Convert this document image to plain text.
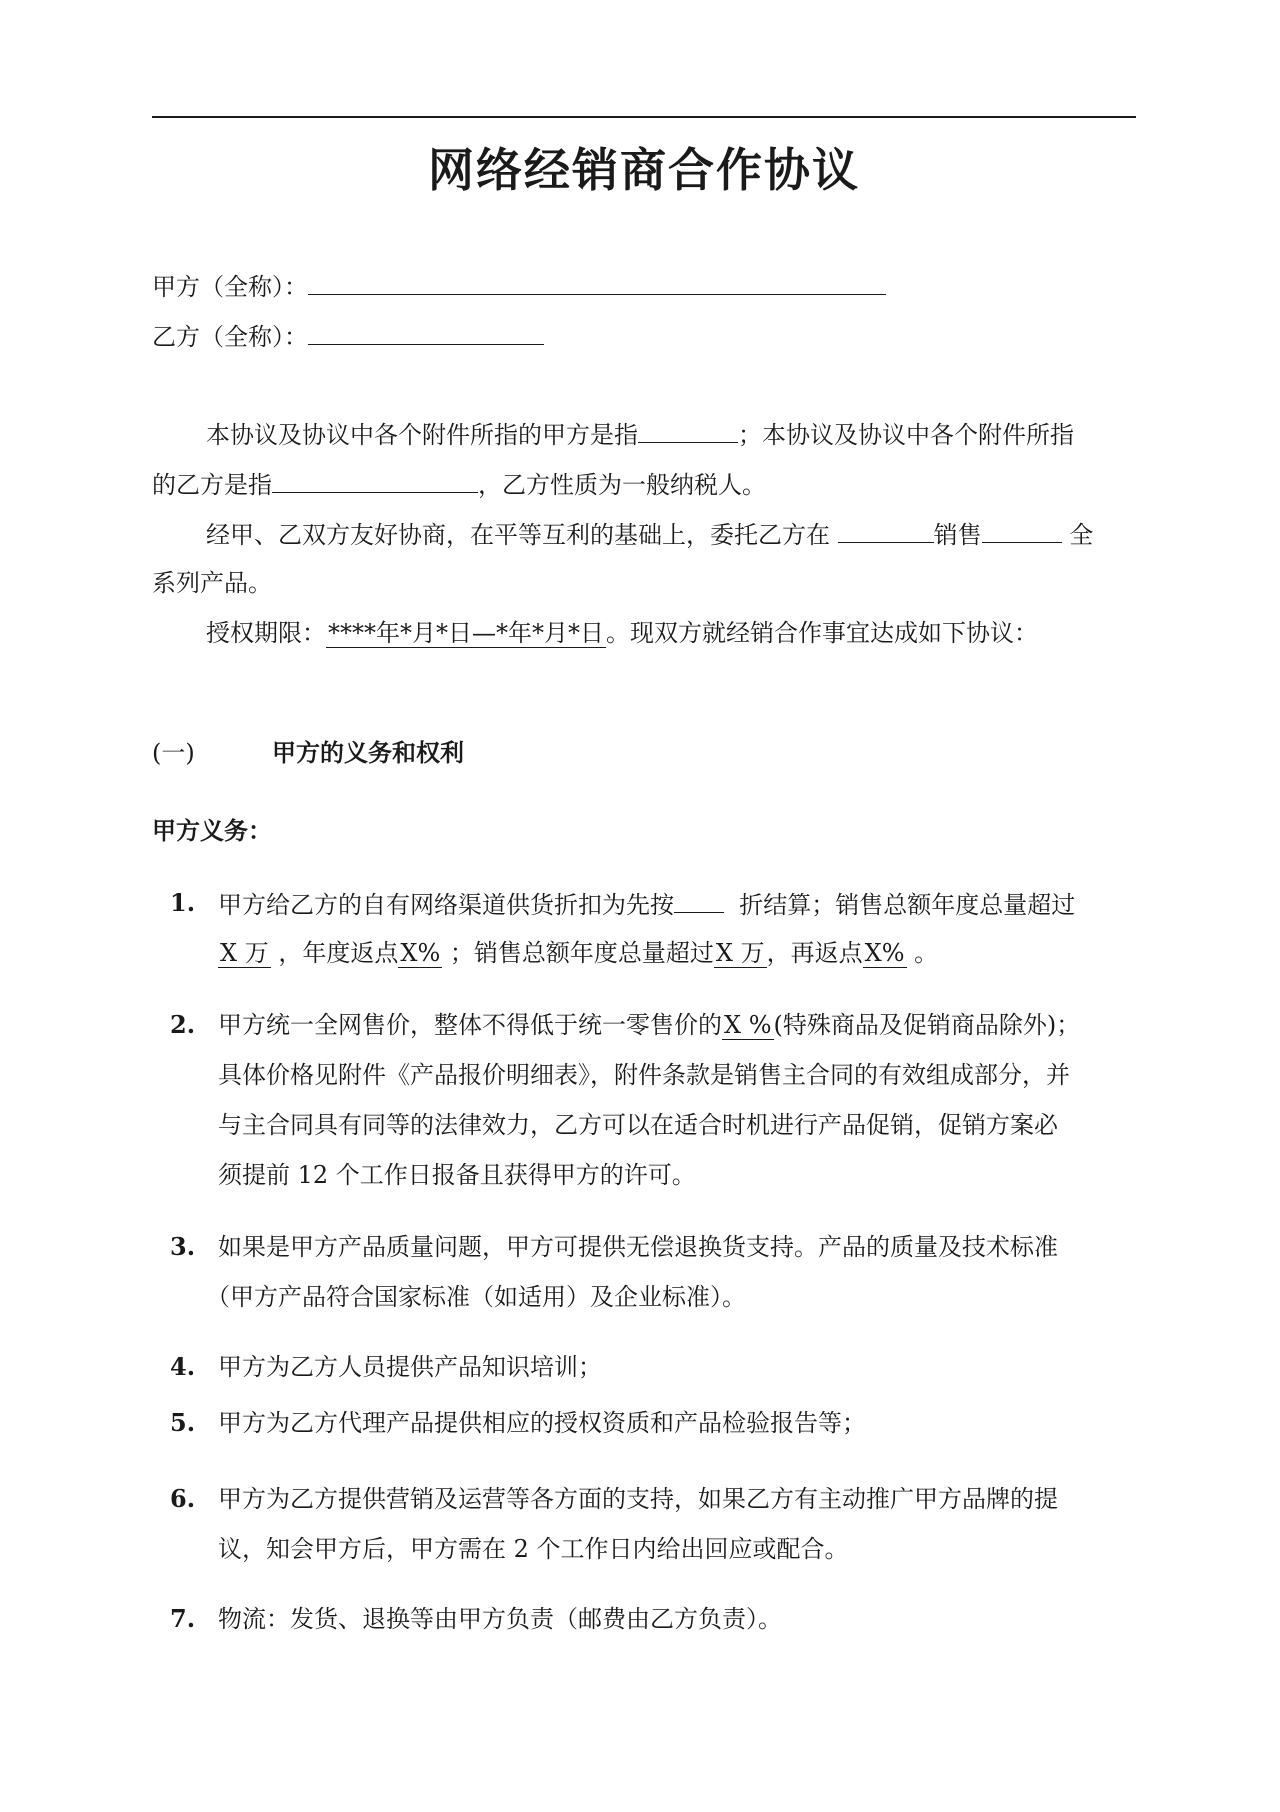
网络经销商合作协议
甲方（全称）：
乙方（全称）：
本协议及协议中各个附件所指的甲方是指	；本协议及协议中各个附件所指
的乙方是指	，乙方性质为一般纳税人。
经甲、乙双方友好协商，在平等互利的基础上，委托乙方在	销售	全
系列产品。
授权期限：****年*月*日—*年*月*日。现双方就经销合作事宜达成如下协议：
(一)	甲方的义务和权利
甲方义务：
1. 甲方给乙方的自有网络渠道供货折扣为先按	折结算；销售总额年度总量超过
X 万 ，年度返点X% ；销售总额年度总量超过X 万，再返点X% 。
2. 甲方统一全网售价，整体不得低于统一零售价的X %(特殊商品及促销商品除外)；
具体价格见附件《产品报价明细表》，附件条款是销售主合同的有效组成部分，并
与主合同具有同等的法律效力，乙方可以在适合时机进行产品促销，促销方案必
须提前 12 个工作日报备且获得甲方的许可。
3. 如果是甲方产品质量问题，甲方可提供无偿退换货支持。产品的质量及技术标准
（甲方产品符合国家标准（如适用）及企业标准）。
4. 甲方为乙方人员提供产品知识培训；
5. 甲方为乙方代理产品提供相应的授权资质和产品检验报告等；
6. 甲方为乙方提供营销及运营等各方面的支持，如果乙方有主动推广甲方品牌的提
议，知会甲方后，甲方需在 2 个工作日内给出回应或配合。
7. 物流：发货、退换等由甲方负责（邮费由乙方负责）。
